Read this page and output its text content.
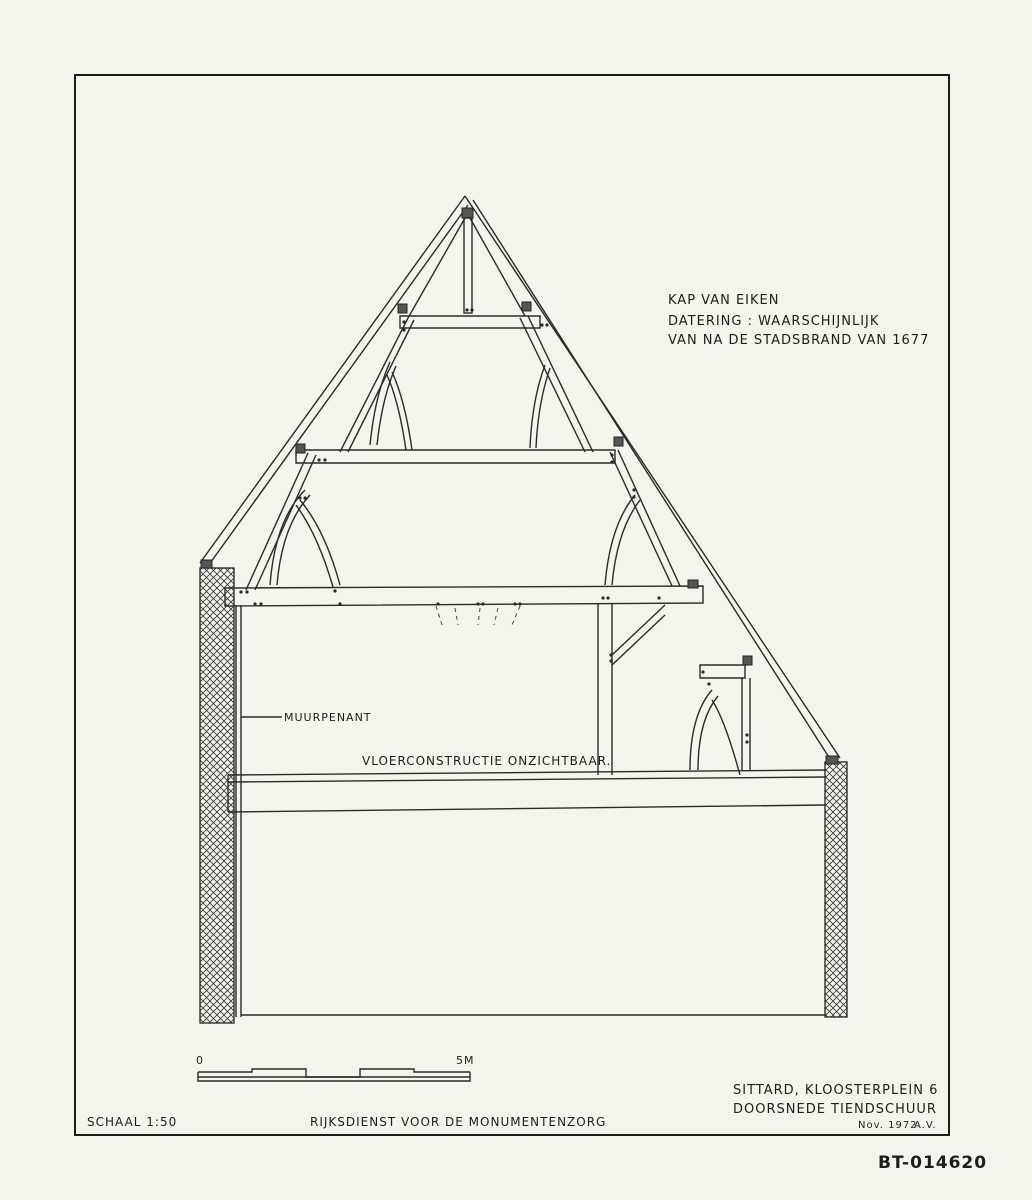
KAP VAN EIKEN
DATERING : WAARSCHIJNLIJK
VAN NA DE STADSBRAND VAN 1677
MUURPENANT
VLOERCONSTRUCTIE ONZICHTBAAR.
0	5M
SITTARD, KLOOSTERPLEIN 6
DOORSNEDE TIENDSCHUUR
SCHAAL 1:50	RIJKSDIENST VOOR DE MONUMENTENZORG	Nov. 1972
A.V.
BT-014620
